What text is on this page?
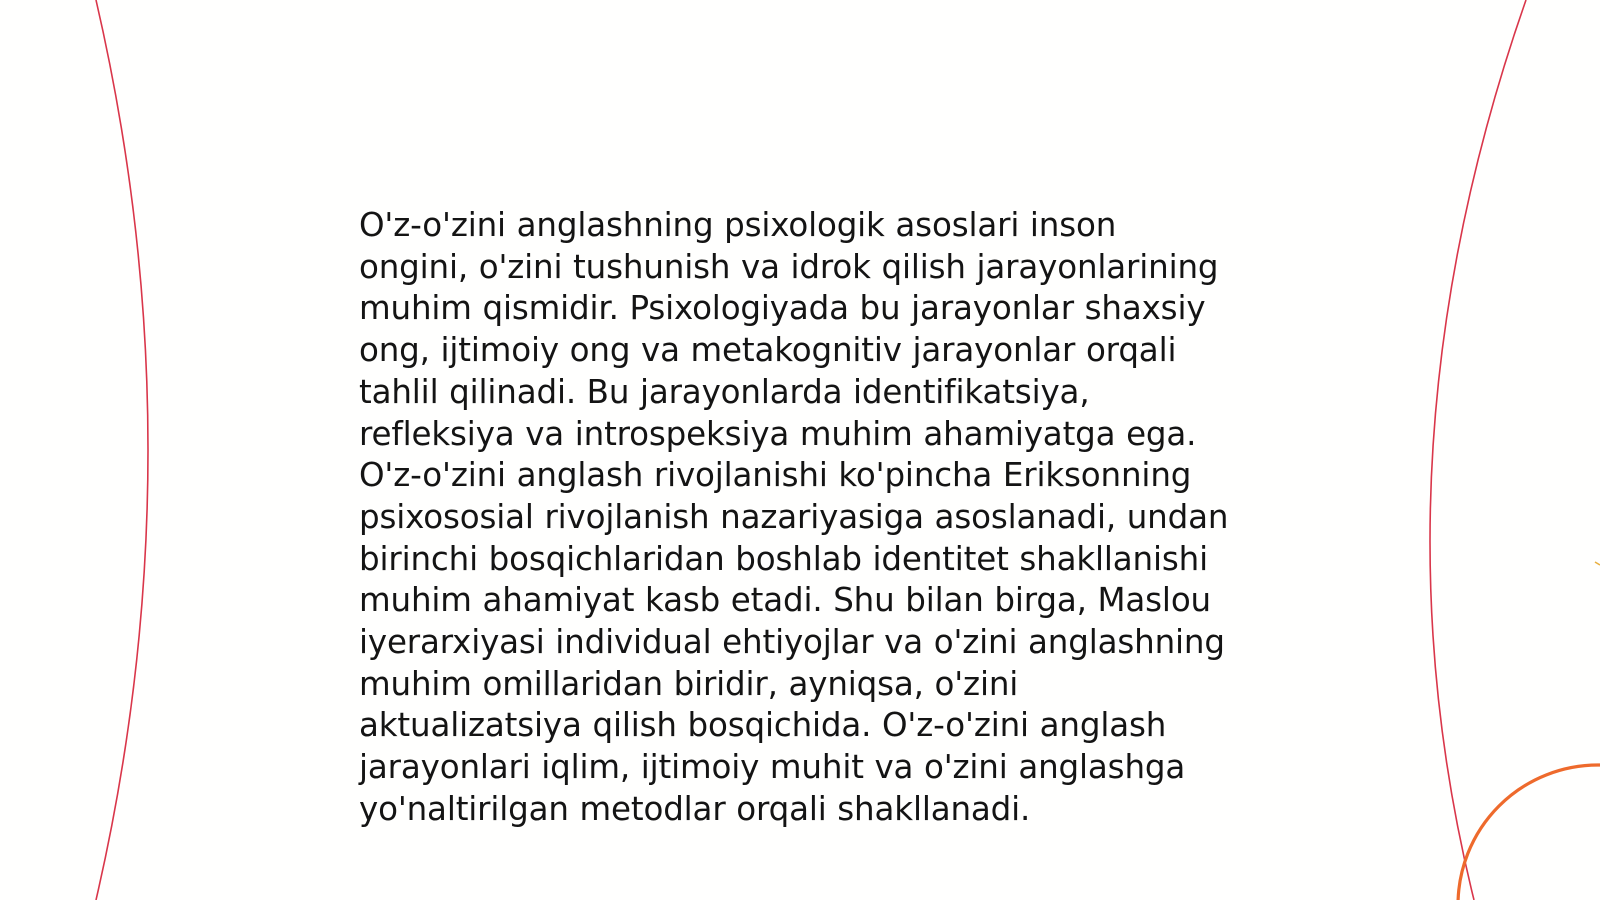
O'z-o'zini anglashning psixologik asoslari inson
ongini, o'zini tushunish va idrok qilish jarayonlarining
muhim qismidir. Psixologiyada bu jarayonlar shaxsiy
ong, ijtimoiy ong va metakognitiv jarayonlar orqali
tahlil qilinadi. Bu jarayonlarda identifikatsiya,
refleksiya va introspeksiya muhim ahamiyatga ega.
O'z-o'zini anglash rivojlanishi ko'pincha Eriksonning
psixososial rivojlanish nazariyasiga asoslanadi, undan
birinchi bosqichlaridan boshlab identitet shakllanishi
muhim ahamiyat kasb etadi. Shu bilan birga, Maslou
iyerarxiyasi individual ehtiyojlar va o'zini anglashning
muhim omillaridan biridir, ayniqsa, o'zini
aktualizatsiya qilish bosqichida. O'z-o'zini anglash
jarayonlari iqlim, ijtimoiy muhit va o'zini anglashga
yo'naltirilgan metodlar orqali shakllanadi.
